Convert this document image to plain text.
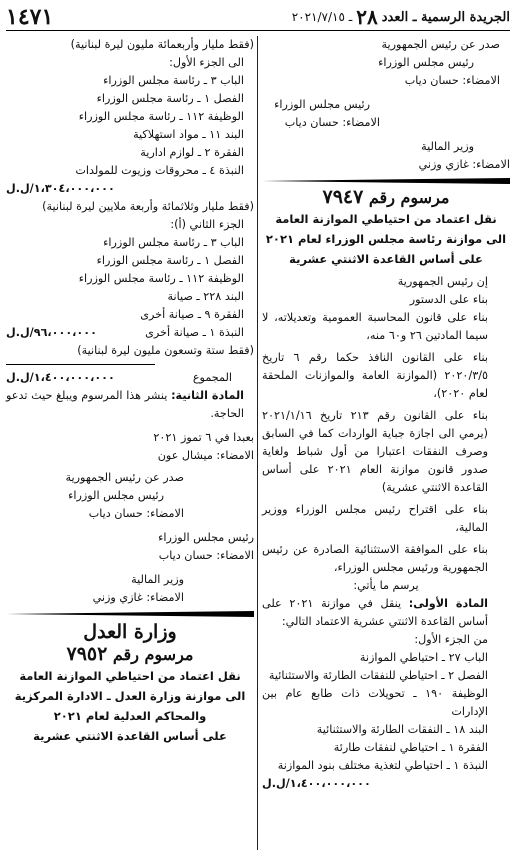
الجريدة الرسمية ـ العدد
٢٨
ـ ٢٠٢١/٧/١٥
١٤٧١
صدر عن رئيس الجمهورية
رئيس مجلس الوزراء
الامضاء: حسان دياب
رئيس مجلس الوزراء
الامضاء: حسان دياب
وزير المالية
الامضاء: غازي وزني
مرسوم رقم ٧٩٤٧
نقل اعتماد من احتياطي الموازنة العامة
الى موازنة رئاسة مجلس الوزراء لعام ٢٠٢١
على أساس القاعدة الاثنتي عشرية
إن رئيس الجمهورية
بناء على الدستور
بناء على قانون المحاسبة العمومية وتعديلاته، لا سيما المادتين ٢٦ و٦٠ منه،
بناء على القانون النافذ حكما رقم ٦ تاريخ ٢٠٢٠/٣/٥ (الموازنة العامة والموازنات الملحقة لعام ٢٠٢٠)،
بناء على القانون رقم ٢١٣ تاريخ ٢٠٢١/١/١٦ (يرمي الى اجازة جباية الواردات كما في السابق وصرف النفقات اعتبارا من أول شباط ولغاية صدور قانون موازنة العام ٢٠٢١ على أساس القاعدة الاثنتي عشرية)
بناء على اقتراح رئيس مجلس الوزراء ووزير المالية،
بناء على الموافقة الاستثنائية الصادرة عن رئيس الجمهورية ورئيس مجلس الوزراء،
يرسم ما يأتي:
المادة الأولى: ينقل في موازنة ٢٠٢١ على أساس القاعدة الاثنتي عشرية الاعتماد التالي:
من الجزء الأول:
الباب ٢٧ ـ احتياطي الموازنة
الفصل ٢ ـ احتياطي للنفقات الطارئة والاستثنائية
الوظيفة ١٩٠ ـ تحويلات ذات طابع عام بين الإدارات
البند ١٨ ـ النفقات الطارئة والاستثنائية
الفقرة ١ ـ احتياطي لنفقات طارئة
النبذة ١ ـ احتياطي لتغذية مختلف بنود الموازنة
١،٤٠٠،٠٠٠،٠٠٠/ل.ل
(فقط مليار وأربعمائة مليون ليرة لبنانية)
الى الجزء الأول:
الباب ٣ ـ رئاسة مجلس الوزراء
الفصل ١ ـ رئاسة مجلس الوزراء
الوظيفة ١١٢ ـ رئاسة مجلس الوزراء
البند ١١ ـ مواد استهلاكية
الفقرة ٢ ـ لوازم ادارية
النبذة ٤ ـ محروقات وزيوت للمولدات
١،٣٠٤،٠٠٠،٠٠٠/ل.ل
(فقط مليار وثلاثمائة وأربعة ملايين ليرة لبنانية)
الجزء الثاني (أ):
الباب ٣ ـ رئاسة مجلس الوزراء
الفصل ١ ـ رئاسة مجلس الوزراء
الوظيفة ١١٢ ـ رئاسة مجلس الوزراء
البند ٢٢٨ ـ صيانة
الفقرة ٩ ـ صيانة أخرى
النبذة ١ ـ صيانة أخرى
٩٦،٠٠٠،٠٠٠/ل.ل
(فقط ستة وتسعون مليون ليرة لبنانية)
المجموع
١،٤٠٠،٠٠٠،٠٠٠/ل.ل
المادة الثانية: ينشر هذا المرسوم ويبلغ حيث تدعو الحاجة.
بعبدا في ٦ تموز ٢٠٢١
الامضاء: ميشال عون
صدر عن رئيس الجمهورية
رئيس مجلس الوزراء
الامضاء: حسان دياب
رئيس مجلس الوزراء
الامضاء: حسان دياب
وزير المالية
الامضاء: غازي وزني
وزارة العدل
مرسوم رقم ٧٩٥٢
نقل اعتماد من احتياطي الموازنة العامة
الى موازنة وزارة العدل ـ الادارة المركزية
والمحاكم العدلية لعام ٢٠٢١
على أساس القاعدة الاثنتي عشرية
